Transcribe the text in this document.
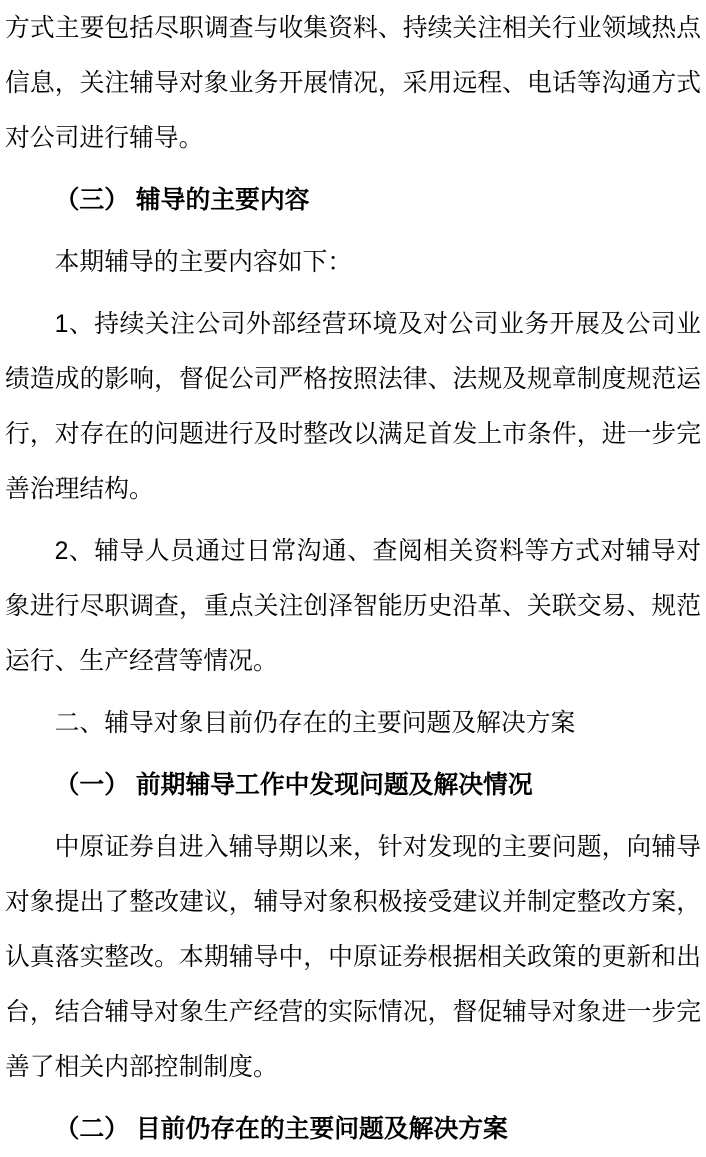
方式主要包括尽职调查与收集资料、持续关注相关行业领域热点信息，关注辅导对象业务开展情况，采用远程、电话等沟通方式对公司进行辅导。

（三） 辅导的主要内容

本期辅导的主要内容如下：

1、持续关注公司外部经营环境及对公司业务开展及公司业绩造成的影响，督促公司严格按照法律、法规及规章制度规范运行，对存在的问题进行及时整改以满足首发上市条件，进一步完善治理结构。

2、辅导人员通过日常沟通、查阅相关资料等方式对辅导对象进行尽职调查，重点关注创泽智能历史沿革、关联交易、规范运行、生产经营等情况。

二、辅导对象目前仍存在的主要问题及解决方案

（一） 前期辅导工作中发现问题及解决情况

中原证券自进入辅导期以来，针对发现的主要问题，向辅导对象提出了整改建议，辅导对象积极接受建议并制定整改方案，认真落实整改。本期辅导中，中原证券根据相关政策的更新和出台，结合辅导对象生产经营的实际情况，督促辅导对象进一步完善了相关内部控制制度。

（二） 目前仍存在的主要问题及解决方案
